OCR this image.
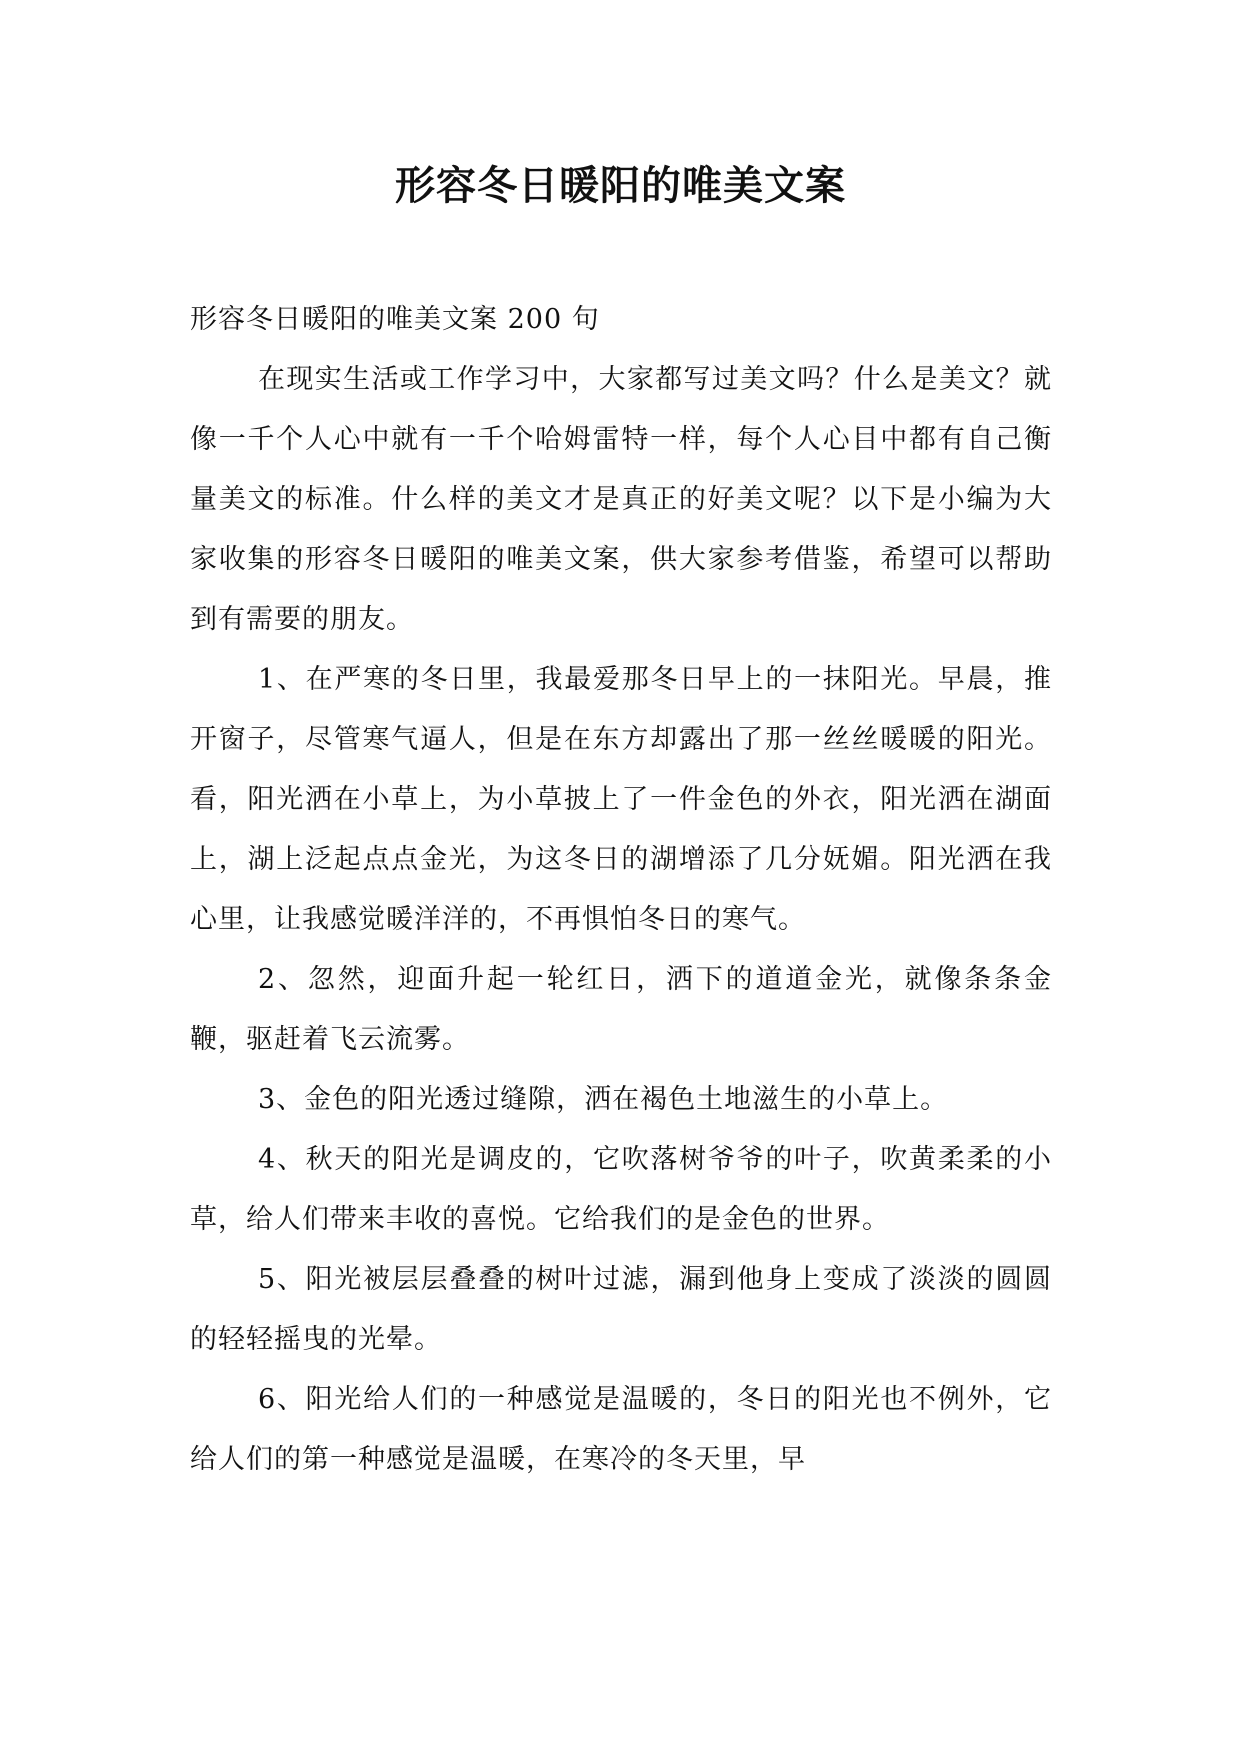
形容冬日暖阳的唯美文案

形容冬日暖阳的唯美文案 200 句

在现实生活或工作学习中，大家都写过美文吗？什么是美文？就像一千个人心中就有一千个哈姆雷特一样，每个人心目中都有自己衡量美文的标准。什么样的美文才是真正的好美文呢？以下是小编为大家收集的形容冬日暖阳的唯美文案，供大家参考借鉴，希望可以帮助到有需要的朋友。

1、在严寒的冬日里，我最爱那冬日早上的一抹阳光。早晨，推开窗子，尽管寒气逼人，但是在东方却露出了那一丝丝暖暖的阳光。看，阳光洒在小草上，为小草披上了一件金色的外衣，阳光洒在湖面上，湖上泛起点点金光，为这冬日的湖增添了几分妩媚。阳光洒在我心里，让我感觉暖洋洋的，不再惧怕冬日的寒气。

2、忽然，迎面升起一轮红日，洒下的道道金光，就像条条金鞭，驱赶着飞云流雾。

3、金色的阳光透过缝隙，洒在褐色土地滋生的小草上。

4、秋天的阳光是调皮的，它吹落树爷爷的叶子，吹黄柔柔的小草，给人们带来丰收的喜悦。它给我们的是金色的世界。

5、阳光被层层叠叠的树叶过滤，漏到他身上变成了淡淡的圆圆的轻轻摇曳的光晕。

6、阳光给人们的一种感觉是温暖的，冬日的阳光也不例外，它给人们的第一种感觉是温暖，在寒冷的冬天里，早
